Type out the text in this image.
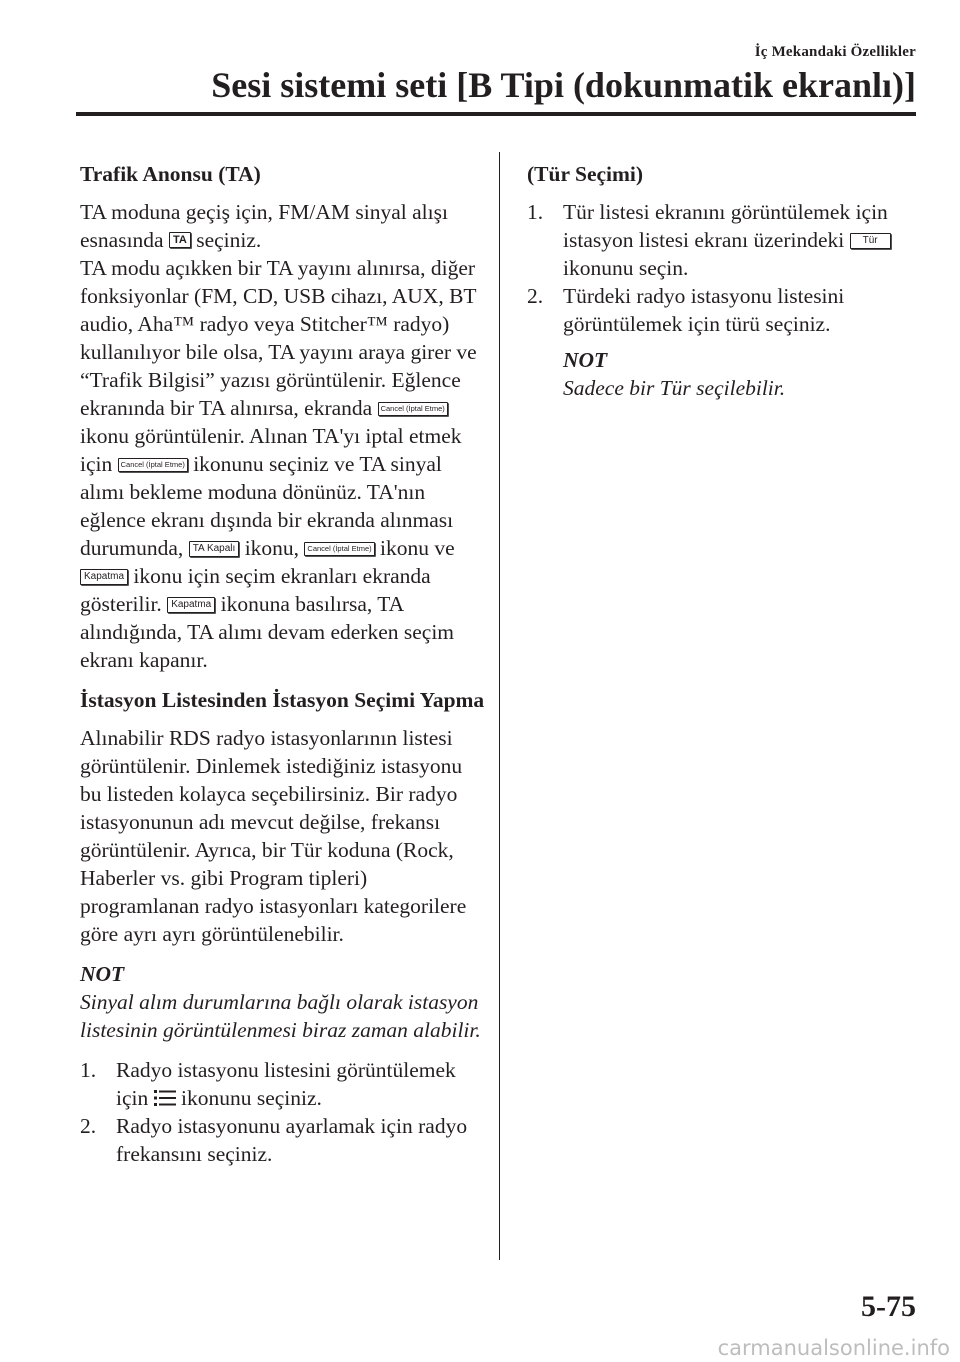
İç Mekandaki Özellikler
Sesi sistemi seti [B Tipi (dokunmatik ekranlı)]
Trafik Anonsu (TA)

TA moduna geçiş için, FM/AM sinyal alışı esnasında TA seçiniz.

TA modu açıkken bir TA yayını alınırsa, diğer fonksiyonlar (FM, CD, USB cihazı, AUX, BT audio, Aha™ radyo veya Stitcher™ radyo) kullanılıyor bile olsa, TA yayını araya girer ve “Trafik Bilgisi” yazısı görüntülenir. Eğlence ekranında bir TA alınırsa, ekranda Cancel (İptal Etme) ikonu görüntülenir. Alınan TA'yı iptal etmek için Cancel (İptal Etme) ikonunu seçiniz ve TA sinyal alımı bekleme moduna dönünüz. TA'nın eğlence ekranı dışında bir ekranda alınması durumunda, TA Kapalı ikonu, Cancel (İptal Etme) ikonu ve Kapatma ikonu için seçim ekranları ekranda gösterilir. Kapatma ikonuna basılırsa, TA alındığında, TA alımı devam ederken seçim ekranı kapanır.

İstasyon Listesinden İstasyon Seçimi Yapma

Alınabilir RDS radyo istasyonlarının listesi görüntülenir. Dinlemek istediğiniz istasyonu bu listeden kolayca seçebilirsiniz. Bir radyo istasyonunun adı mevcut değilse, frekansı görüntülenir. Ayrıca, bir Tür koduna (Rock, Haberler vs. gibi Program tipleri) programlanan radyo istasyonları kategorilere göre ayrı ayrı görüntülenebilir.

NOT

Sinyal alım durumlarına bağlı olarak istasyon listesinin görüntülenmesi biraz zaman alabilir.

1. Radyo istasyonu listesini görüntülemek için ikonunu seçiniz.
2. Radyo istasyonunu ayarlamak için radyo frekansını seçiniz.
(Tür Seçimi)
1. Tür listesi ekranını görüntülemek için istasyon listesi ekranı üzerindeki Tür ikonunu seçin.
2. Türdeki radyo istasyonu listesini görüntülemek için türü seçiniz.

NOT

Sadece bir Tür seçilebilir.

5-75
carmanualsonline.info
